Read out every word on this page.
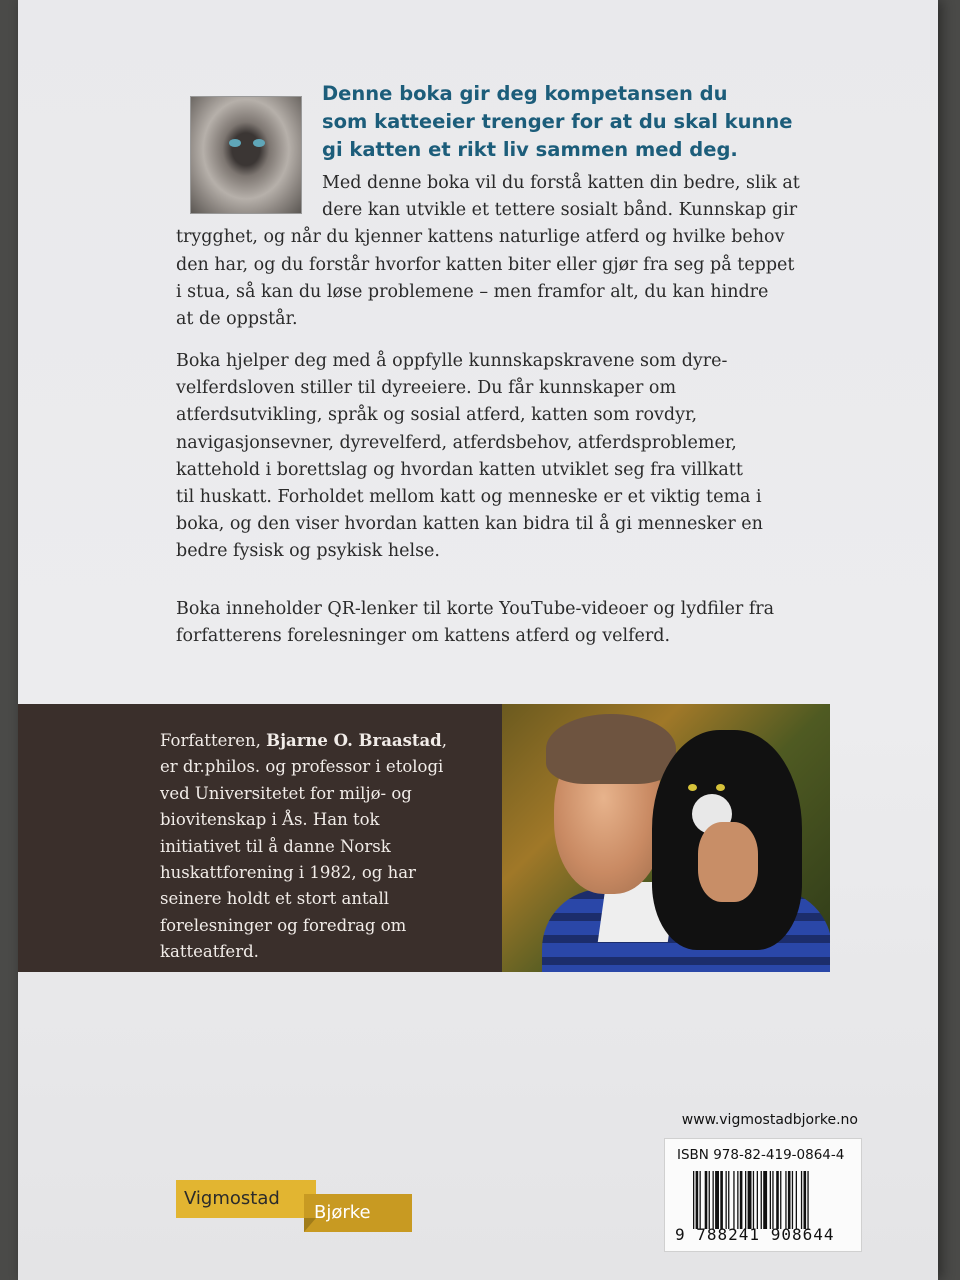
Denne boka gir deg kompetansen du
som katteeier trenger for at du skal kunne
gi katten et rikt liv sammen med deg.

Med denne boka vil du forstå katten din bedre, slik at
dere kan utvikle et tettere sosialt bånd. Kunnskap gir
trygghet, og når du kjenner kattens naturlige atferd og hvilke behov
den har, og du forstår hvorfor katten biter eller gjør fra seg på teppet
i stua, så kan du løse problemene – men framfor alt, du kan hindre
at de oppstår.

Boka hjelper deg med å oppfylle kunnskapskravene som dyre-
velferdsloven stiller til dyreeiere. Du får kunnskaper om
atferdsutvikling, språk og sosial atferd, katten som rovdyr,
navigasjonsevner, dyrevelferd, atferdsbehov, atferdsproblemer,
kattehold i borettslag og hvordan katten utviklet seg fra villkatt
til huskatt. Forholdet mellom katt og menneske er et viktig tema i
boka, og den viser hvordan katten kan bidra til å gi mennesker en
bedre fysisk og psykisk helse.

Boka inneholder QR-lenker til korte YouTube-videoer og lydfiler fra
forfatterens forelesninger om kattens atferd og velferd.

Forfatteren, Bjarne O. Braastad,
er dr.philos. og professor i etologi
ved Universitetet for miljø- og
biovitenskap i Ås. Han tok
initiativet til å danne Norsk
huskattforening i 1982, og har
seinere holdt et stort antall
forelesninger og foredrag om
katteatferd.
www.vigmostadbjorke.no
ISBN 978-82-419-0864-4
9 788241 908644
Vigmostad
Bjørke
